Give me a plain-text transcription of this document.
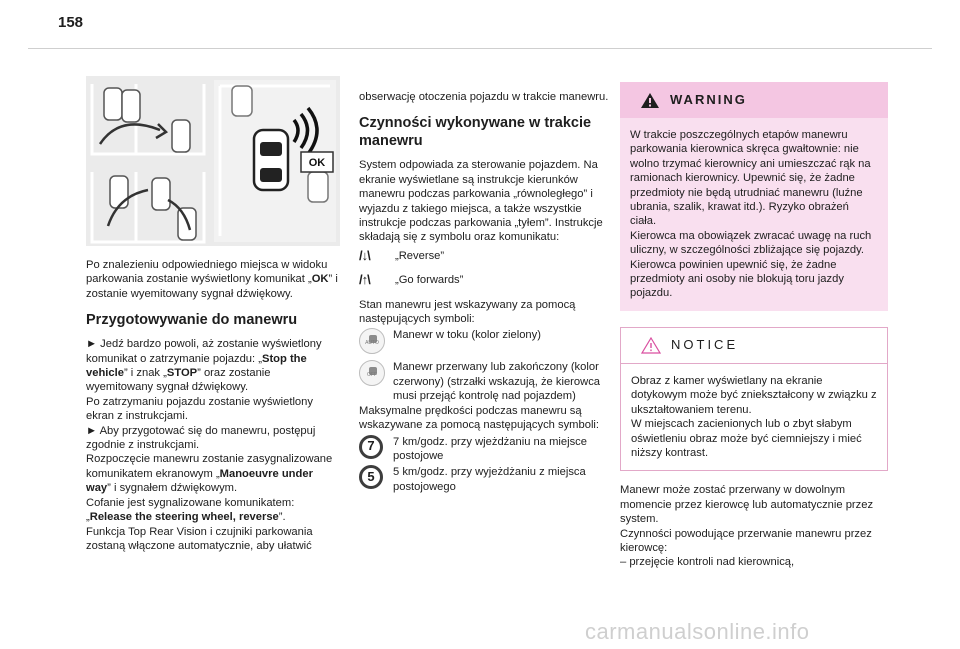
158
OK

Po znalezieniu odpowiedniego miejsca w widoku parkowania zostanie wyświetlony komunikat „OK” i zostanie wyemitowany sygnał dźwiękowy.

Przygotowywanie do manewru

► Jedź bardzo powoli, aż zostanie wyświetlony komunikat o zatrzymanie pojazdu: „Stop the vehicle” i znak „STOP” oraz zostanie wyemitowany sygnał dźwiękowy.

Po zatrzymaniu pojazdu zostanie wyświetlony ekran z instrukcjami.

► Aby przygotować się do manewru, postępuj zgodnie z instrukcjami.

Rozpoczęcie manewru zostanie zasygnalizowane komunikatem ekranowym „Manoeuvre under way” i sygnałem dźwiękowym.

Cofanie jest sygnalizowane komunikatem: „Release the steering wheel, reverse”.

Funkcja Top Rear Vision i czujniki parkowania zostaną włączone automatycznie, aby ułatwić

obserwację otoczenia pojazdu w trakcie manewru.

Czynności wykonywane w trakcie manewru

System odpowiada za sterowanie pojazdem. Na ekranie wyświetlane są instrukcje kierunków manewru podczas parkowania „równoległego” i wyjazdu z takiego miejsca, a także wszystkie instrukcje podczas parkowania „tyłem”. Instrukcje składają się z symbolu oraz komunikatu:

/↓\	„Reverse”
/↑\	„Go forwards”

Stan manewru jest wskazywany za pomocą następujących symboli:

AUTO

Manewr w toku (kolor zielony)

OFF

Manewr przerwany lub zakończony (kolor czerwony) (strzałki wskazują, że kierowca musi przejąć kontrolę nad pojazdem)

Maksymalne prędkości podczas manewru są wskazywane za pomocą następujących symboli:

7	7 km/godz. przy wjeżdżaniu na miejsce postojowe

5	5 km/godz. przy wyjeżdżaniu z miejsca postojowego

WARNING

W trakcie poszczególnych etapów manewru parkowania kierownica skręca gwałtownie: nie wolno trzymać kierownicy ani umieszczać rąk na ramionach kierownicy. Upewnić się, że żadne przedmioty nie będą utrudniać manewru (luźne ubrania, szalik, krawat itd.). Ryzyko obrażeń ciała.

Kierowca ma obowiązek zwracać uwagę na ruch uliczny, w szczególności zbliżające się pojazdy.

Kierowca powinien upewnić się, że żadne przedmioty ani osoby nie blokują toru jazdy pojazdu.

NOTICE

Obraz z kamer wyświetlany na ekranie dotykowym może być zniekształcony w związku z ukształtowaniem terenu.

W miejscach zacienionych lub o zbyt słabym oświetleniu obraz może być ciemniejszy i mieć niższy kontrast.

Manewr może zostać przerwany w dowolnym momencie przez kierowcę lub automatycznie przez system.

Czynności powodujące przerwanie manewru przez kierowcę:

– przejęcie kontroli nad kierownicą,

carmanualsonline.info
